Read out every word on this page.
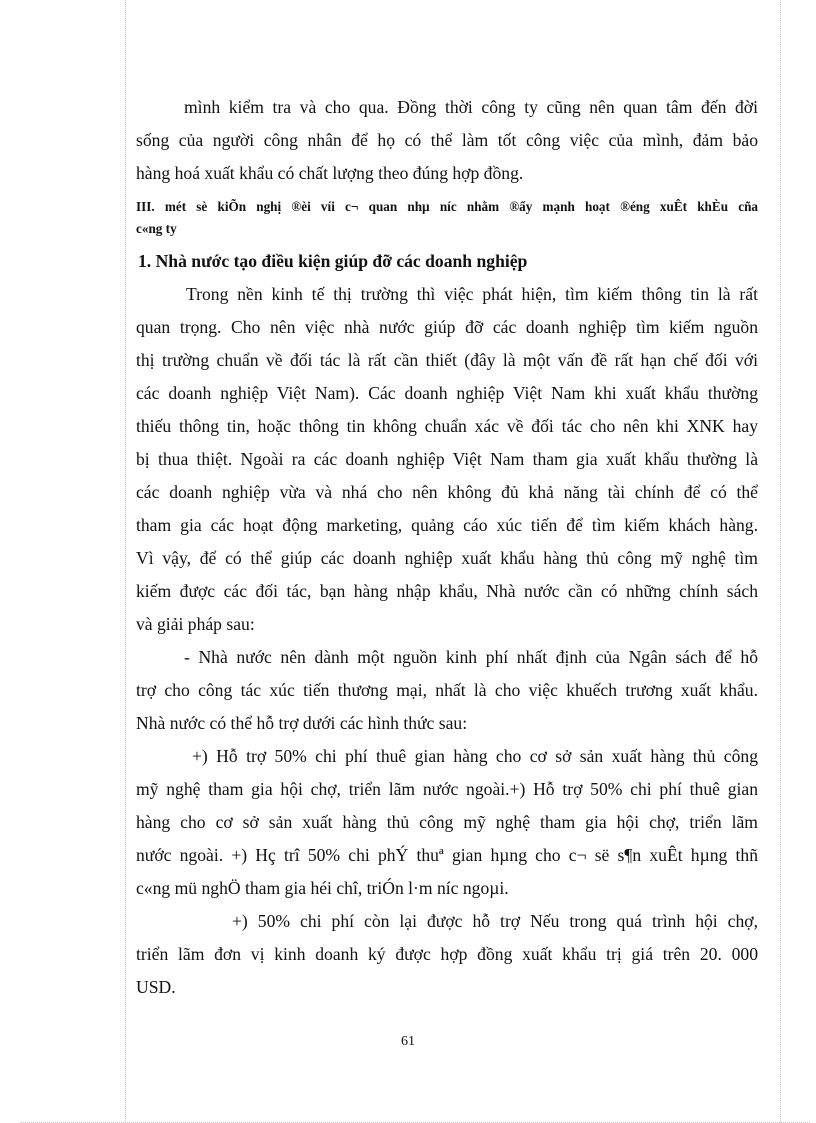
mình kiểm tra và cho qua. Đồng thời công ty cũng nên quan tâm đến đời
sống của người công nhân để họ có thể làm tốt công việc của mình, đảm bảo
hàng hoá xuất khẩu có chất lượng theo đúng hợp đồng.
III. mét sè kiÕn nghị ®èi víi c¬ quan nhµ níc nhằm ®ẩy mạnh hoạt ®éng xuÊt khÈu cña
c«ng ty
1. Nhà nước tạo điều kiện giúp đỡ các doanh nghiệp
Trong nền kinh tế thị trường thì việc phát hiện, tìm kiếm thông tin là rất
quan trọng. Cho nên việc nhà nước giúp đỡ các doanh nghiệp tìm kiếm nguồn
thị trường chuẩn về đối tác là rất cần thiết (đây là một vấn đề rất hạn chế đối với
các doanh nghiệp Việt Nam). Các doanh nghiệp Việt Nam khi xuất khẩu thường
thiếu thông tin, hoặc thông tin không chuẩn xác về đối tác cho nên khi XNK hay
bị thua thiệt. Ngoài ra các doanh nghiệp Việt Nam tham gia xuất khẩu thường là
các doanh nghiệp vừa và nhá cho nên không đủ khả năng tài chính để có thể
tham gia các hoạt động marketing, quảng cáo xúc tiến để tìm kiếm khách hàng.
Vì vậy, để có thể giúp các doanh nghiệp xuất khẩu hàng thủ công mỹ nghệ tìm
kiếm được các đối tác, bạn hàng nhập khẩu, Nhà nước cần có những chính sách
và giải pháp sau:
- Nhà nước nên dành một nguồn kinh phí nhất định của Ngân sách để hỗ
trợ cho công tác xúc tiến thương mại, nhất là cho việc khuếch trương xuất khẩu.
Nhà nước có thể hỗ trợ dưới các hình thức sau:
+) Hỗ trợ 50% chi phí thuê gian hàng cho cơ sở sản xuất hàng thủ công
mỹ nghệ tham gia hội chợ, triển lãm nước ngoài.+) Hỗ trợ 50% chi phí thuê gian
hàng cho cơ sở sản xuất hàng thủ công mỹ nghệ tham gia hội chợ, triển lãm
nước ngoài. +) Hç trî 50% chi phÝ thuª gian hµng cho c¬ së s¶n xuÊt hµng thñ
c«ng mü nghÖ tham gia héi chî, triÓn l·m níc ngoµi.
+) 50% chi phí còn lại được hỗ trợ Nếu trong quá trình hội chợ,
triển lãm đơn vị kinh doanh ký được hợp đồng xuất khẩu trị giá trên 20. 000
USD.
61
